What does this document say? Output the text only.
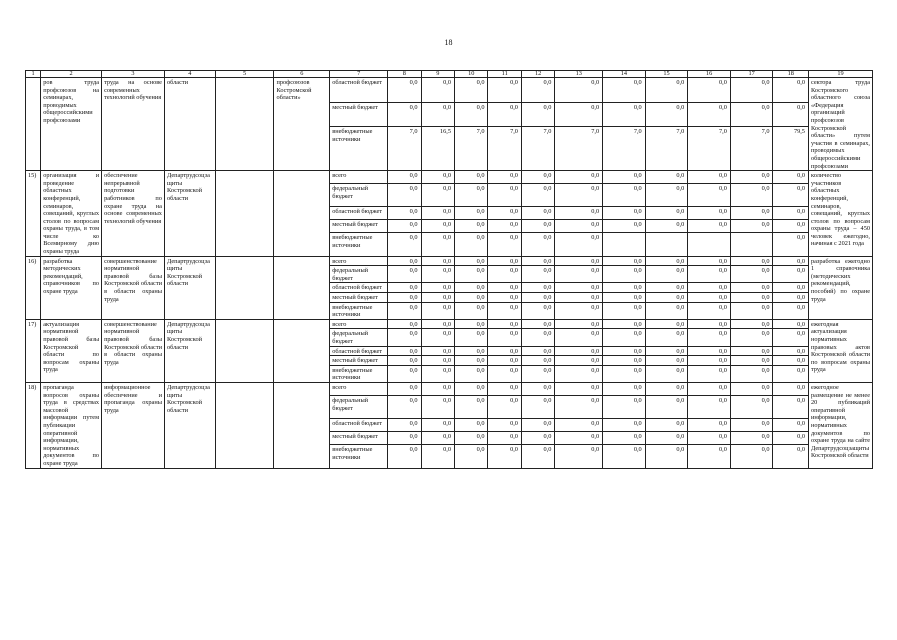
18
1	2	3	4	5	6	7	8	9	10	11	12	13	14	15	16	17	18	19
	ров труда профсоюзов на семинарах, проводимых общероссийскими профсоюзами	труда на основе современных технологий обучения	области		профсоюзов Костромской области»	областной бюджет	0,0	0,0	0,0	0,0	0,0	0,0	0,0	0,0	0,0	0,0	0,0	сектора труда Костромского областного союза «Федерация организаций профсоюзов Костромской области» путем участия в семинарах, проводимых общероссийскими профсоюзами
						местный бюджет	0,0	0,0	0,0	0,0	0,0	0,0	0,0	0,0	0,0	0,0	0,0	
						внебюджетные источники	7,0	16,5	7,0	7,0	7,0	7,0	7,0	7,0	7,0	7,0	79,5	
15)	организация и проведение областных конференций, семинаров, совещаний, круглых столов по вопросам охраны труда, в том числе ко Всемирному дню охраны труда	обеспечение непрерывной подготовки работников по охране труда на основе современных технологий обучения	Департрудсоцзащиты Костромской области			всего	0,0	0,0	0,0	0,0	0,0	0,0	0,0	0,0	0,0	0,0	0,0	количество участников областных конференций, семинаров, совещаний, круглых столов по вопросам охраны труда – 450 человек ежегодно, начиная с 2021 года
						федеральный бюджет	0,0	0,0	0,0	0,0	0,0	0,0	0,0	0,0	0,0	0,0	0,0	
						областной бюджет	0,0	0,0	0,0	0,0	0,0	0,0	0,0	0,0	0,0	0,0	0,0	
						местный бюджет	0,0	0,0	0,0	0,0	0,0	0,0	0,0	0,0	0,0	0,0	0,0	
						внебюджетные источники	0,0	0,0	0,0	0,0	0,0	0,0					0,0	
16)	разработка методических рекомендаций, справочников по охране труда	совершенствование нормативной правовой базы Костромской области в области охраны труда	Департрудсоцзащиты Костромской области			всего	0,0	0,0	0,0	0,0	0,0	0,0	0,0	0,0	0,0	0,0	0,0	разработка ежегодно 1 справочника (методических рекомендаций, пособий) по охране труда
						федеральный бюджет	0,0	0,0	0,0	0,0	0,0	0,0	0,0	0,0	0,0	0,0	0,0	
						областной бюджет	0,0	0,0	0,0	0,0	0,0	0,0	0,0	0,0	0,0	0,0	0,0	
						местный бюджет	0,0	0,0	0,0	0,0	0,0	0,0	0,0	0,0	0,0	0,0	0,0	
						внебюджетные источники	0,0	0,0	0,0	0,0	0,0	0,0	0,0	0,0	0,0	0,0	0,0	
17)	актуализация нормативной правовой базы Костромской области по вопросам охраны труда	совершенствование нормативной правовой базы Костромской области в области охраны труда	Департрудсоцзащиты Костромской области			всего	0,0	0,0	0,0	0,0	0,0	0,0	0,0	0,0	0,0	0,0	0,0	ежегодная актуализация нормативных правовых актов Костромской области по вопросам охраны труда
						федеральный бюджет	0,0	0,0	0,0	0,0	0,0	0,0	0,0	0,0	0,0	0,0	0,0	
						областной бюджет	0,0	0,0	0,0	0,0	0,0	0,0	0,0	0,0	0,0	0,0	0,0	
						местный бюджет	0,0	0,0	0,0	0,0	0,0	0,0	0,0	0,0	0,0	0,0	0,0	
						внебюджетные источники	0,0	0,0	0,0	0,0	0,0	0,0	0,0	0,0	0,0	0,0	0,0	
18)	пропаганда вопросов охраны труда в средствах массовой информации путем публикации оперативной информации, нормативных документов по охране труда	информационное обеспечение и пропаганда охраны труда	Департрудсоцзащиты Костромской области			всего	0,0	0,0	0,0	0,0	0,0	0,0	0,0	0,0	0,0	0,0	0,0	ежегодное размещение не менее 20 публикаций оперативной информации, нормативных документов по охране труда на сайте Департрудсоцзащиты Костромской области
						федеральный бюджет	0,0	0,0	0,0	0,0	0,0	0,0	0,0	0,0	0,0	0,0	0,0	
						областной бюджет	0,0	0,0	0,0	0,0	0,0	0,0	0,0	0,0	0,0	0,0	0,0	
						местный бюджет	0,0	0,0	0,0	0,0	0,0	0,0	0,0	0,0	0,0	0,0	0,0	
						внебюджетные источники	0,0	0,0	0,0	0,0	0,0	0,0	0,0	0,0	0,0	0,0	0,0	
